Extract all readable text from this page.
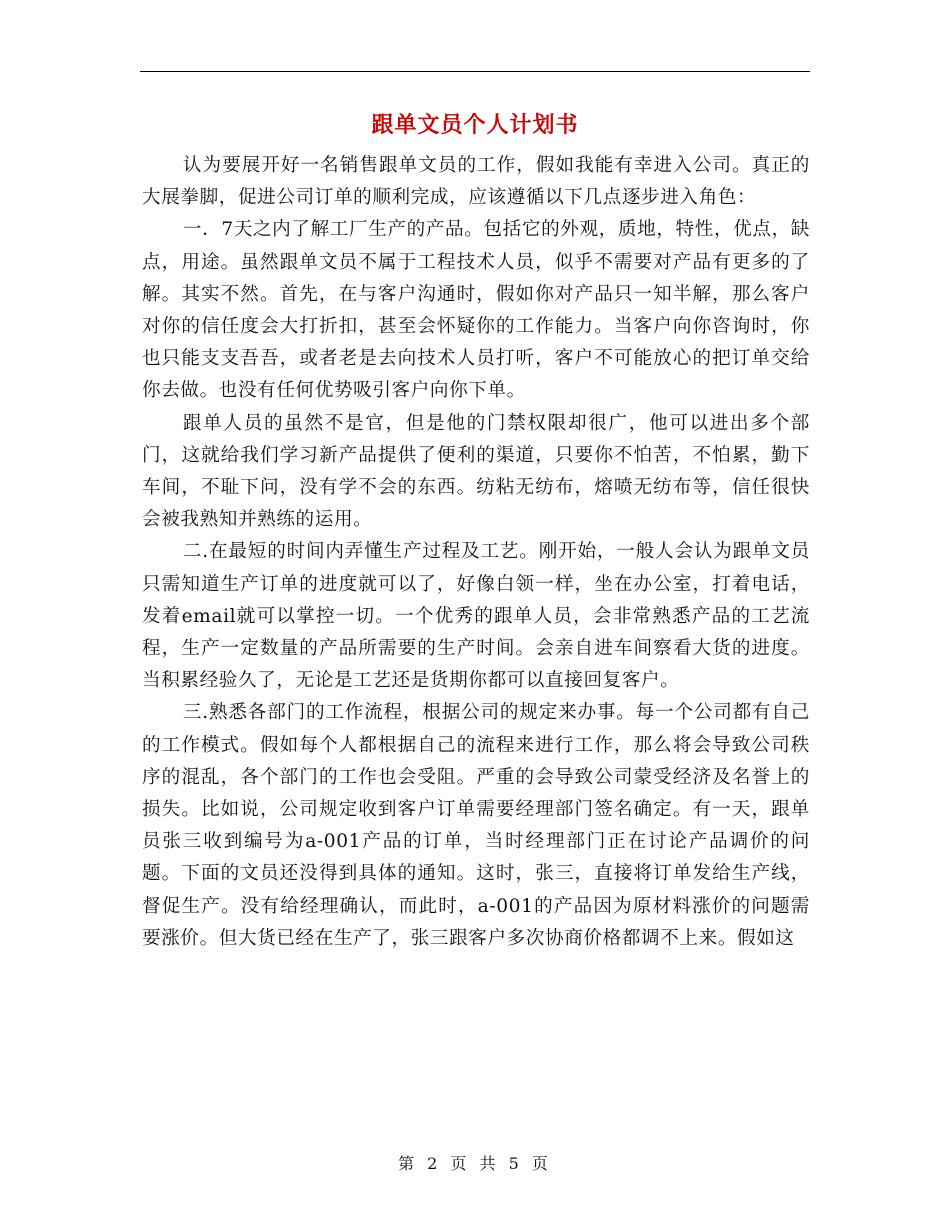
跟单文员个人计划书

认为要展开好一名销售跟单文员的工作，假如我能有幸进入公司。真正的大展拳脚，促进公司订单的顺利完成，应该遵循以下几点逐步进入角色：

一．7天之内了解工厂生产的产品。包括它的外观，质地，特性，优点，缺点，用途。虽然跟单文员不属于工程技术人员，似乎不需要对产品有更多的了解。其实不然。首先，在与客户沟通时，假如你对产品只一知半解，那么客户对你的信任度会大打折扣，甚至会怀疑你的工作能力。当客户向你咨询时，你也只能支支吾吾，或者老是去向技术人员打听，客户不可能放心的把订单交给你去做。也没有任何优势吸引客户向你下单。

跟单人员的虽然不是官，但是他的门禁权限却很广，他可以进出多个部门，这就给我们学习新产品提供了便利的渠道，只要你不怕苦，不怕累，勤下车间，不耻下问，没有学不会的东西。纺粘无纺布，熔喷无纺布等，信任很快会被我熟知并熟练的运用。

二.在最短的时间内弄懂生产过程及工艺。刚开始，一般人会认为跟单文员只需知道生产订单的进度就可以了，好像白领一样，坐在办公室，打着电话，发着email就可以掌控一切。一个优秀的跟单人员，会非常熟悉产品的工艺流程，生产一定数量的产品所需要的生产时间。会亲自进车间察看大货的进度。当积累经验久了，无论是工艺还是货期你都可以直接回复客户。

三.熟悉各部门的工作流程，根据公司的规定来办事。每一个公司都有自己的工作模式。假如每个人都根据自己的流程来进行工作，那么将会导致公司秩序的混乱，各个部门的工作也会受阻。严重的会导致公司蒙受经济及名誉上的损失。比如说，公司规定收到客户订单需要经理部门签名确定。有一天，跟单员张三收到编号为a-001产品的订单，当时经理部门正在讨论产品调价的问题。下面的文员还没得到具体的通知。这时，张三，直接将订单发给生产线，督促生产。没有给经理确认，而此时，a-001的产品因为原材料涨价的问题需要涨价。但大货已经在生产了，张三跟客户多次协商价格都调不上来。假如这

第 2 页 共 5 页
